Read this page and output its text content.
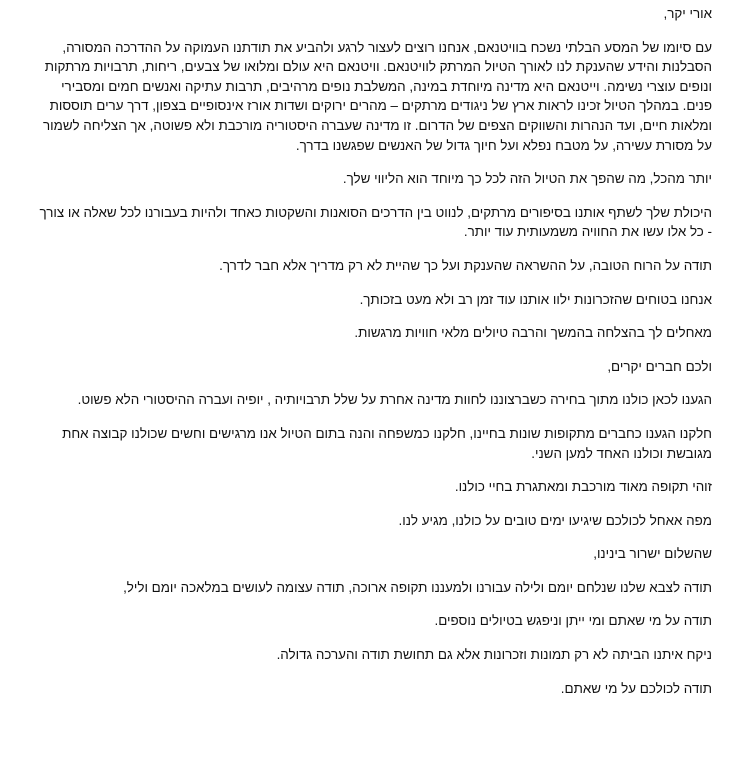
אורי יקר,

עם סיומו של המסע הבלתי נשכח בוויטנאם, אנחנו רוצים לעצור לרגע ולהביע את תודתנו העמוקה על ההדרכה המסורה, הסבלנות והידע שהענקת לנו לאורך הטיול המרתק לוויטנאם. וויטנאם היא עולם ומלואו של צבעים, ריחות, תרבויות מרתקות ונופים עוצרי נשימה. וייטנאם היא מדינה מיוחדת במינה, המשלבת נופים מרהיבים, תרבות עתיקה ואנשים חמים ומסבירי פנים. במהלך הטיול זכינו לראות ארץ של ניגודים מרתקים – מהרים ירוקים ושדות אורז אינסופיים בצפון, דרך ערים תוססות ומלאות חיים, ועד הנהרות והשווקים הצפים של הדרום. זו מדינה שעברה היסטוריה מורכבת ולא פשוטה, אך הצליחה לשמור על מסורת עשירה, על מטבח נפלא ועל חיוך גדול של האנשים שפגשנו בדרך.

יותר מהכל, מה שהפך את הטיול הזה לכל כך מיוחד הוא הליווי שלך.

היכולת שלך לשתף אותנו בסיפורים מרתקים, לנווט בין הדרכים הסואנות והשקטות כאחד ולהיות בעבורנו לכל שאלה או צורך - כל אלו עשו את החוויה משמעותית עוד יותר.

תודה על הרוח הטובה, על ההשראה שהענקת ועל כך שהיית לא רק מדריך אלא חבר לדרך.

אנחנו בטוחים שהזכרונות ילוו אותנו עוד זמן רב ולא מעט בזכותך.

מאחלים לך בהצלחה בהמשך והרבה טיולים מלאי חוויות מרגשות.

ולכם חברים יקרים,

הגענו לכאן כולנו מתוך בחירה כשברצוננו לחוות מדינה אחרת על שלל תרבויותיה , יופיה ועברה ההיסטורי הלא פשוט.

חלקנו הגענו כחברים מתקופות שונות בחיינו, חלקנו כמשפחה והנה בתום הטיול אנו מרגישים וחשים שכולנו קבוצה אחת מגובשת וכולנו האחד למען השני.

זוהי תקופה מאוד מורכבת ומאתגרת בחיי כולנו.

מפה אאחל לכולכם שיגיעו ימים טובים על כולנו, מגיע לנו.

שהשלום ישרור בינינו,

תודה לצבא שלנו שנלחם יומם ולילה עבורנו ולמעננו תקופה ארוכה, תודה עצומה לעושים במלאכה יומם וליל,

תודה על מי שאתם ומי ייתן וניפגש בטיולים נוספים.

ניקח איתנו הביתה לא רק תמונות וזכרונות אלא גם תחושת תודה והערכה גדולה.

תודה לכולכם על מי שאתם.
